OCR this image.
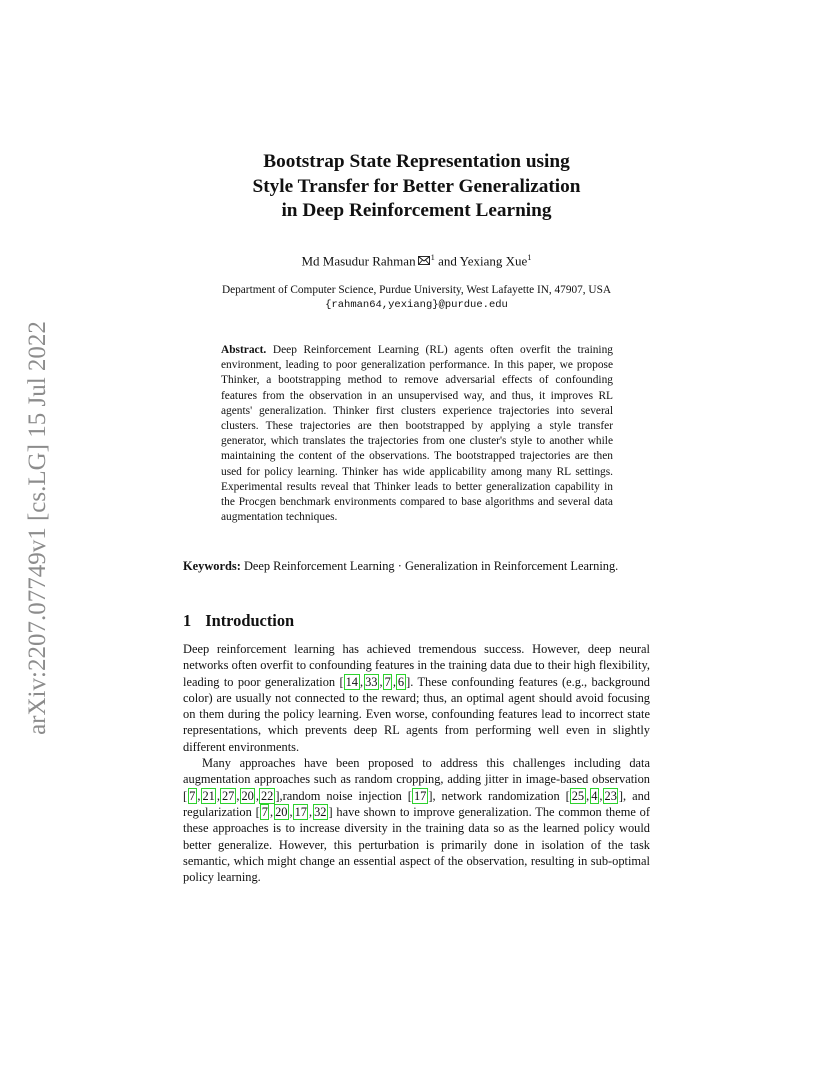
arXiv:2207.07749v1 [cs.LG] 15 Jul 2022
Bootstrap State Representation using
Style Transfer for Better Generalization
in Deep Reinforcement Learning
Md Masudur Rahman $^1$ and Yexiang Xue$^1$
Department of Computer Science, Purdue University, West Lafayette IN, 47907, USA
{rahman64,yexiang}@purdue.edu
Abstract. Deep Reinforcement Learning (RL) agents often overfit the training environment, leading to poor generalization performance. In this paper, we propose Thinker, a bootstrapping method to remove adversarial effects of confounding features from the observation in an unsupervised way, and thus, it improves RL agents' generalization. Thinker first clusters experience trajectories into several clusters. These trajectories are then bootstrapped by applying a style transfer generator, which translates the trajectories from one cluster's style to another while maintaining the content of the observations. The bootstrapped trajectories are then used for policy learning. Thinker has wide applicability among many RL settings. Experimental results reveal that Thinker leads to better generalization capability in the Procgen benchmark environments compared to base algorithms and several data augmentation techniques.
Keywords: Deep Reinforcement Learning · Generalization in Reinforcement Learning.
1 Introduction

Deep reinforcement learning has achieved tremendous success. However, deep neural networks often overfit to confounding features in the training data due to their high flexibility, leading to poor generalization [ 14 , 33 , 7 , 6 ]. These confounding features (e.g., background color) are usually not connected to the reward; thus, an optimal agent should avoid focusing on them during the policy learning. Even worse, confounding features lead to incorrect state representations, which prevents deep RL agents from performing well even in slightly different environments.

Many approaches have been proposed to address this challenges including data augmentation approaches such as random cropping, adding jitter in image-based observation [ 7 , 21 , 27 , 20 , 22 ],random noise injection [ 17 ], network randomization [ 25 , 4 , 23 ], and regularization [ 7 , 20 , 17 , 32 ] have shown to improve generalization. The common theme of these approaches is to increase diversity in the training data so as the learned policy would better generalize. However, this perturbation is primarily done in isolation of the task semantic, which might change an essential aspect of the observation, resulting in sub-optimal policy learning.
